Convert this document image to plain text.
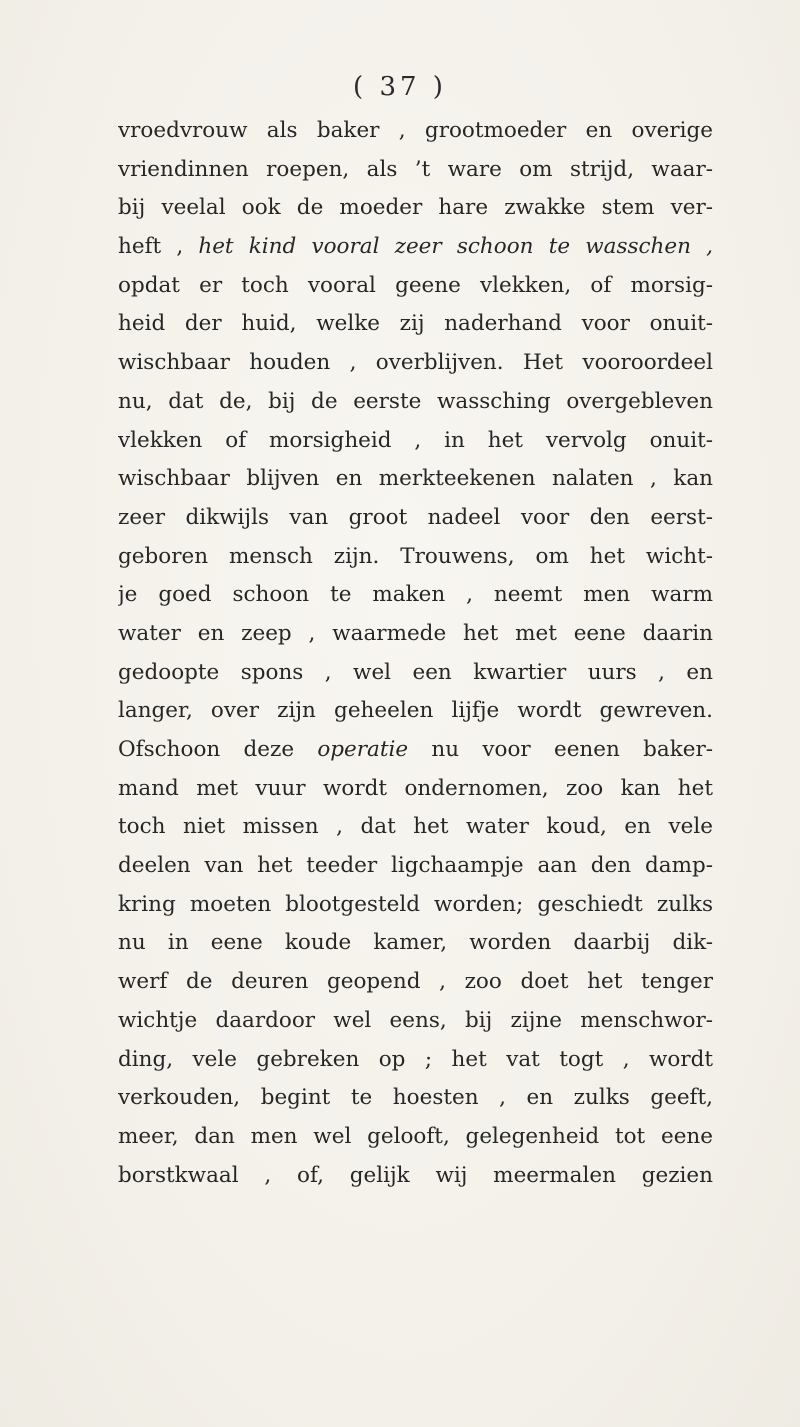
( 37 )
vroedvrouw als baker , grootmoeder en overige
vriendinnen roepen, als ’t ware om strijd, waar-
bij veelal ook de moeder hare zwakke stem ver-
heft , het kind vooral zeer schoon te wasschen ,
opdat er toch vooral geene vlekken, of morsig-
heid der huid, welke zij naderhand voor onuit-
wischbaar houden , overblijven. Het vooroordeel
nu, dat de, bij de eerste wassching overgebleven
vlekken of morsigheid , in het vervolg onuit-
wischbaar blijven en merkteekenen nalaten , kan
zeer dikwijls van groot nadeel voor den eerst-
geboren mensch zijn. Trouwens, om het wicht-
je goed schoon te maken , neemt men warm
water en zeep , waarmede het met eene daarin
gedoopte spons , wel een kwartier uurs , en
langer, over zijn geheelen lijfje wordt gewreven.
Ofschoon deze operatie nu voor eenen baker-
mand met vuur wordt ondernomen, zoo kan het
toch niet missen , dat het water koud, en vele
deelen van het teeder ligchaampje aan den damp-
kring moeten blootgesteld worden; geschiedt zulks
nu in eene koude kamer, worden daarbij dik-
werf de deuren geopend , zoo doet het tenger
wichtje daardoor wel eens, bij zijne menschwor-
ding, vele gebreken op ; het vat togt , wordt
verkouden, begint te hoesten , en zulks geeft,
meer, dan men wel gelooft, gelegenheid tot eene
borstkwaal , of, gelijk wij meermalen gezien
